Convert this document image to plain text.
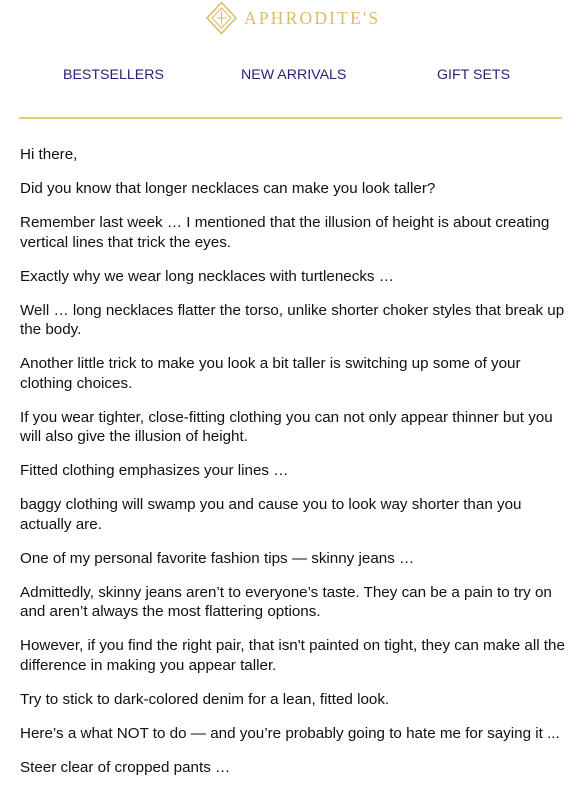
APHRODITE'S
BESTSELLERS	NEW ARRIVALS	GIFT SETS

Hi there,

Did you know that longer necklaces can make you look taller?

Remember last week … I mentioned that the illusion of height is about creating vertical lines that trick the eyes.

Exactly why we wear long necklaces with turtlenecks …

Well … long necklaces flatter the torso, unlike shorter choker styles that break up the body.

Another little trick to make you look a bit taller is switching up some of your clothing choices.

If you wear tighter, close-fitting clothing you can not only appear thinner but you will also give the illusion of height.

Fitted clothing emphasizes your lines …

baggy clothing will swamp you and cause you to look way shorter than you actually are.

One of my personal favorite fashion tips — skinny jeans …

Admittedly, skinny jeans aren’t to everyone’s taste. They can be a pain to try on and aren’t always the most flattering options.

However, if you find the right pair, that isn't painted on tight, they can make all the difference in making you appear taller.

Try to stick to dark-colored denim for a lean, fitted look.

Here’s a what NOT to do — and you’re probably going to hate me for saying it ...

Steer clear of cropped pants …
